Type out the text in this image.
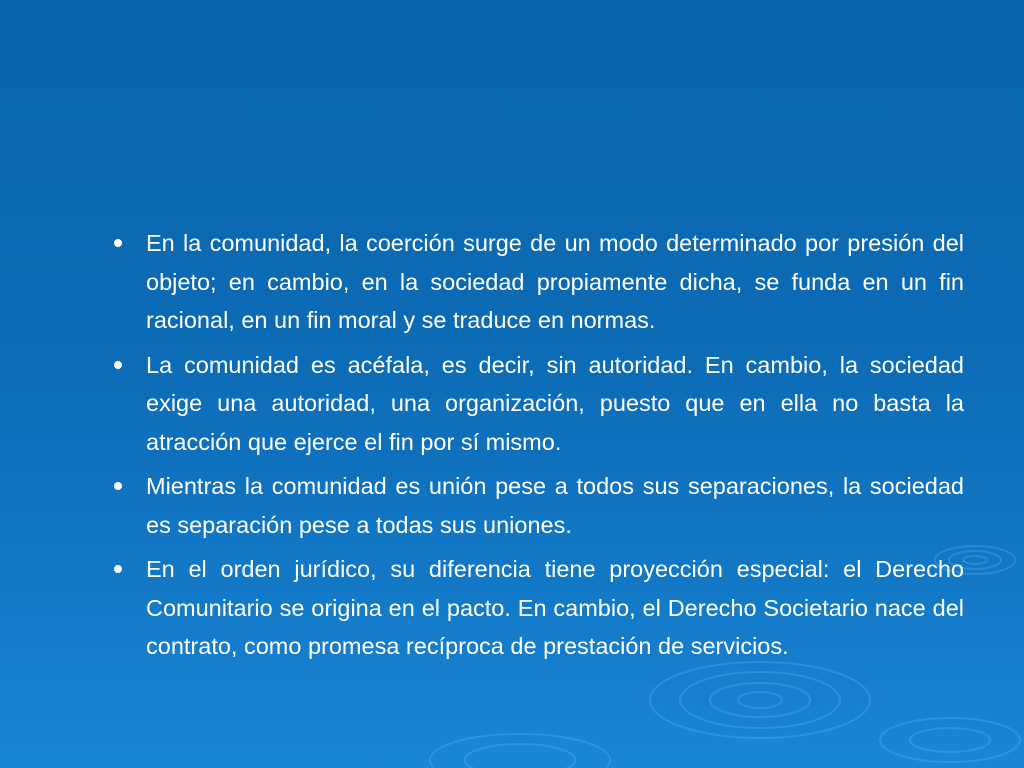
En la comunidad, la coerción surge de un modo determinado por presión del objeto; en cambio, en la sociedad propiamente dicha, se funda en un fin racional, en un fin moral y se traduce en normas.
La comunidad es acéfala, es decir, sin autoridad. En cambio, la sociedad exige una autoridad, una organización, puesto que en ella no basta la atracción que ejerce el fin por sí mismo.
Mientras la comunidad es unión pese a todos sus separaciones, la sociedad es separación pese a todas sus uniones.
En el orden jurídico, su diferencia tiene proyección especial: el Derecho Comunitario se origina en el pacto. En cambio, el Derecho Societario nace del contrato, como promesa recíproca de prestación de servicios.
